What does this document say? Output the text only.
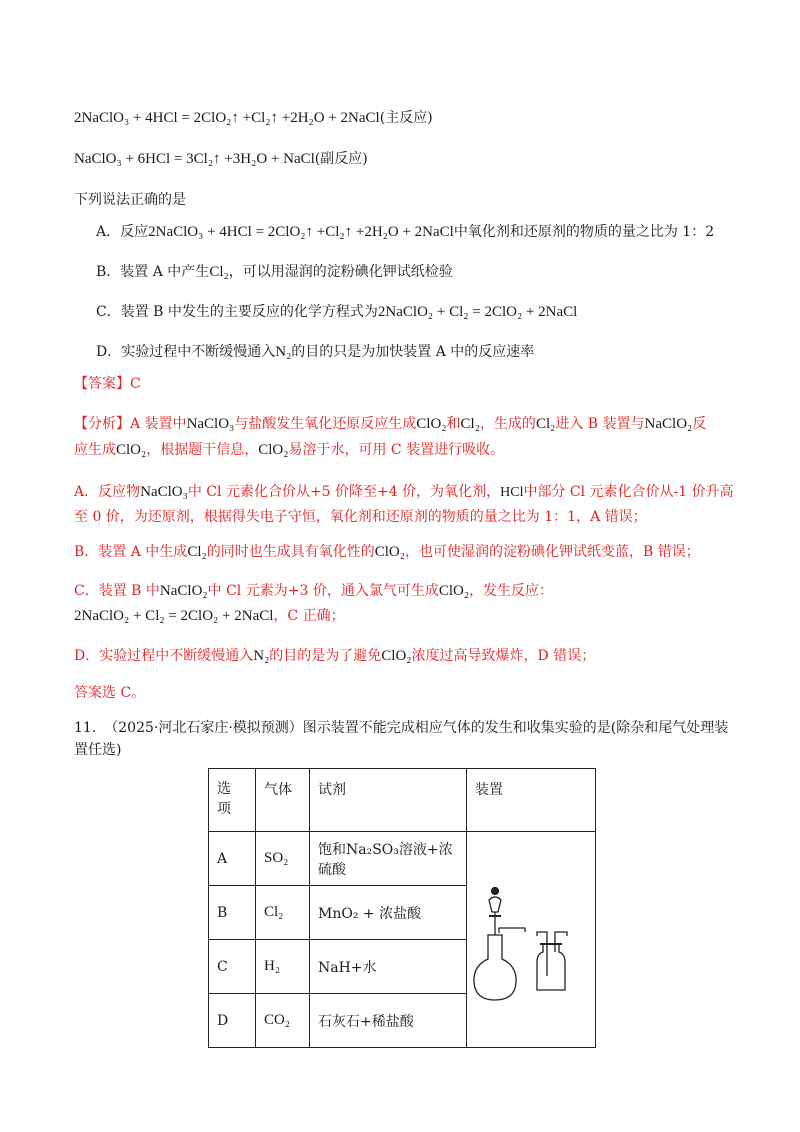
2NaClO₃ + 4HCl = 2ClO₂↑ +Cl₂↑ +2H₂O + 2NaCl(主反应)
NaClO₃ + 6HCl = 3Cl₂↑ +3H₂O + NaCl(副反应)
下列说法正确的是
A．反应2NaClO₃ + 4HCl = 2ClO₂↑ +Cl₂↑ +2H₂O + 2NaCl中氧化剂和还原剂的物质的量之比为 1：2
B．装置 A 中产生Cl₂，可以用湿润的淀粉碘化钾试纸检验
C．装置 B 中发生的主要反应的化学方程式为2NaClO₂ + Cl₂ = 2ClO₂ + 2NaCl
D．实验过程中不断缓慢通入N₂的目的只是为加快装置 A 中的反应速率
【答案】C
【分析】A 装置中NaClO₃与盐酸发生氧化还原反应生成ClO₂和Cl₂，生成的Cl₂进入 B 装置与NaClO₂反
应生成ClO₂，根据题干信息，ClO₂易溶于水，可用 C 装置进行吸收。
A．反应物NaClO₃中 Cl 元素化合价从+5 价降至+4 价，为氧化剂，HCl中部分 Cl 元素化合价从-1 价升高
至 0 价，为还原剂，根据得失电子守恒，氧化剂和还原剂的物质的量之比为 1：1，A 错误；
B．装置 A 中生成Cl₂的同时也生成具有氧化性的ClO₂，也可使湿润的淀粉碘化钾试纸变蓝，B 错误；
C．装置 B 中NaClO₂中 Cl 元素为+3 价，通入氯气可生成ClO₂，发生反应：
2NaClO₂ + Cl₂ = 2ClO₂ + 2NaCl，C 正确；
D．实验过程中不断缓慢通入N₂的目的是为了避免ClO₂浓度过高导致爆炸，D 错误；
答案选 C。
11. （2025·河北石家庄·模拟预测）图示装置不能完成相应气体的发生和收集实验的是(除杂和尾气处理装
置任选)
选项	气体	试剂	装置
A	SO₂	饱和Na₂SO₃溶液+浓硫酸	

B	Cl₂	MnO₂ + 浓盐酸	
C	H₂	NaH+水	
D	CO₂	石灰石+稀盐酸	
